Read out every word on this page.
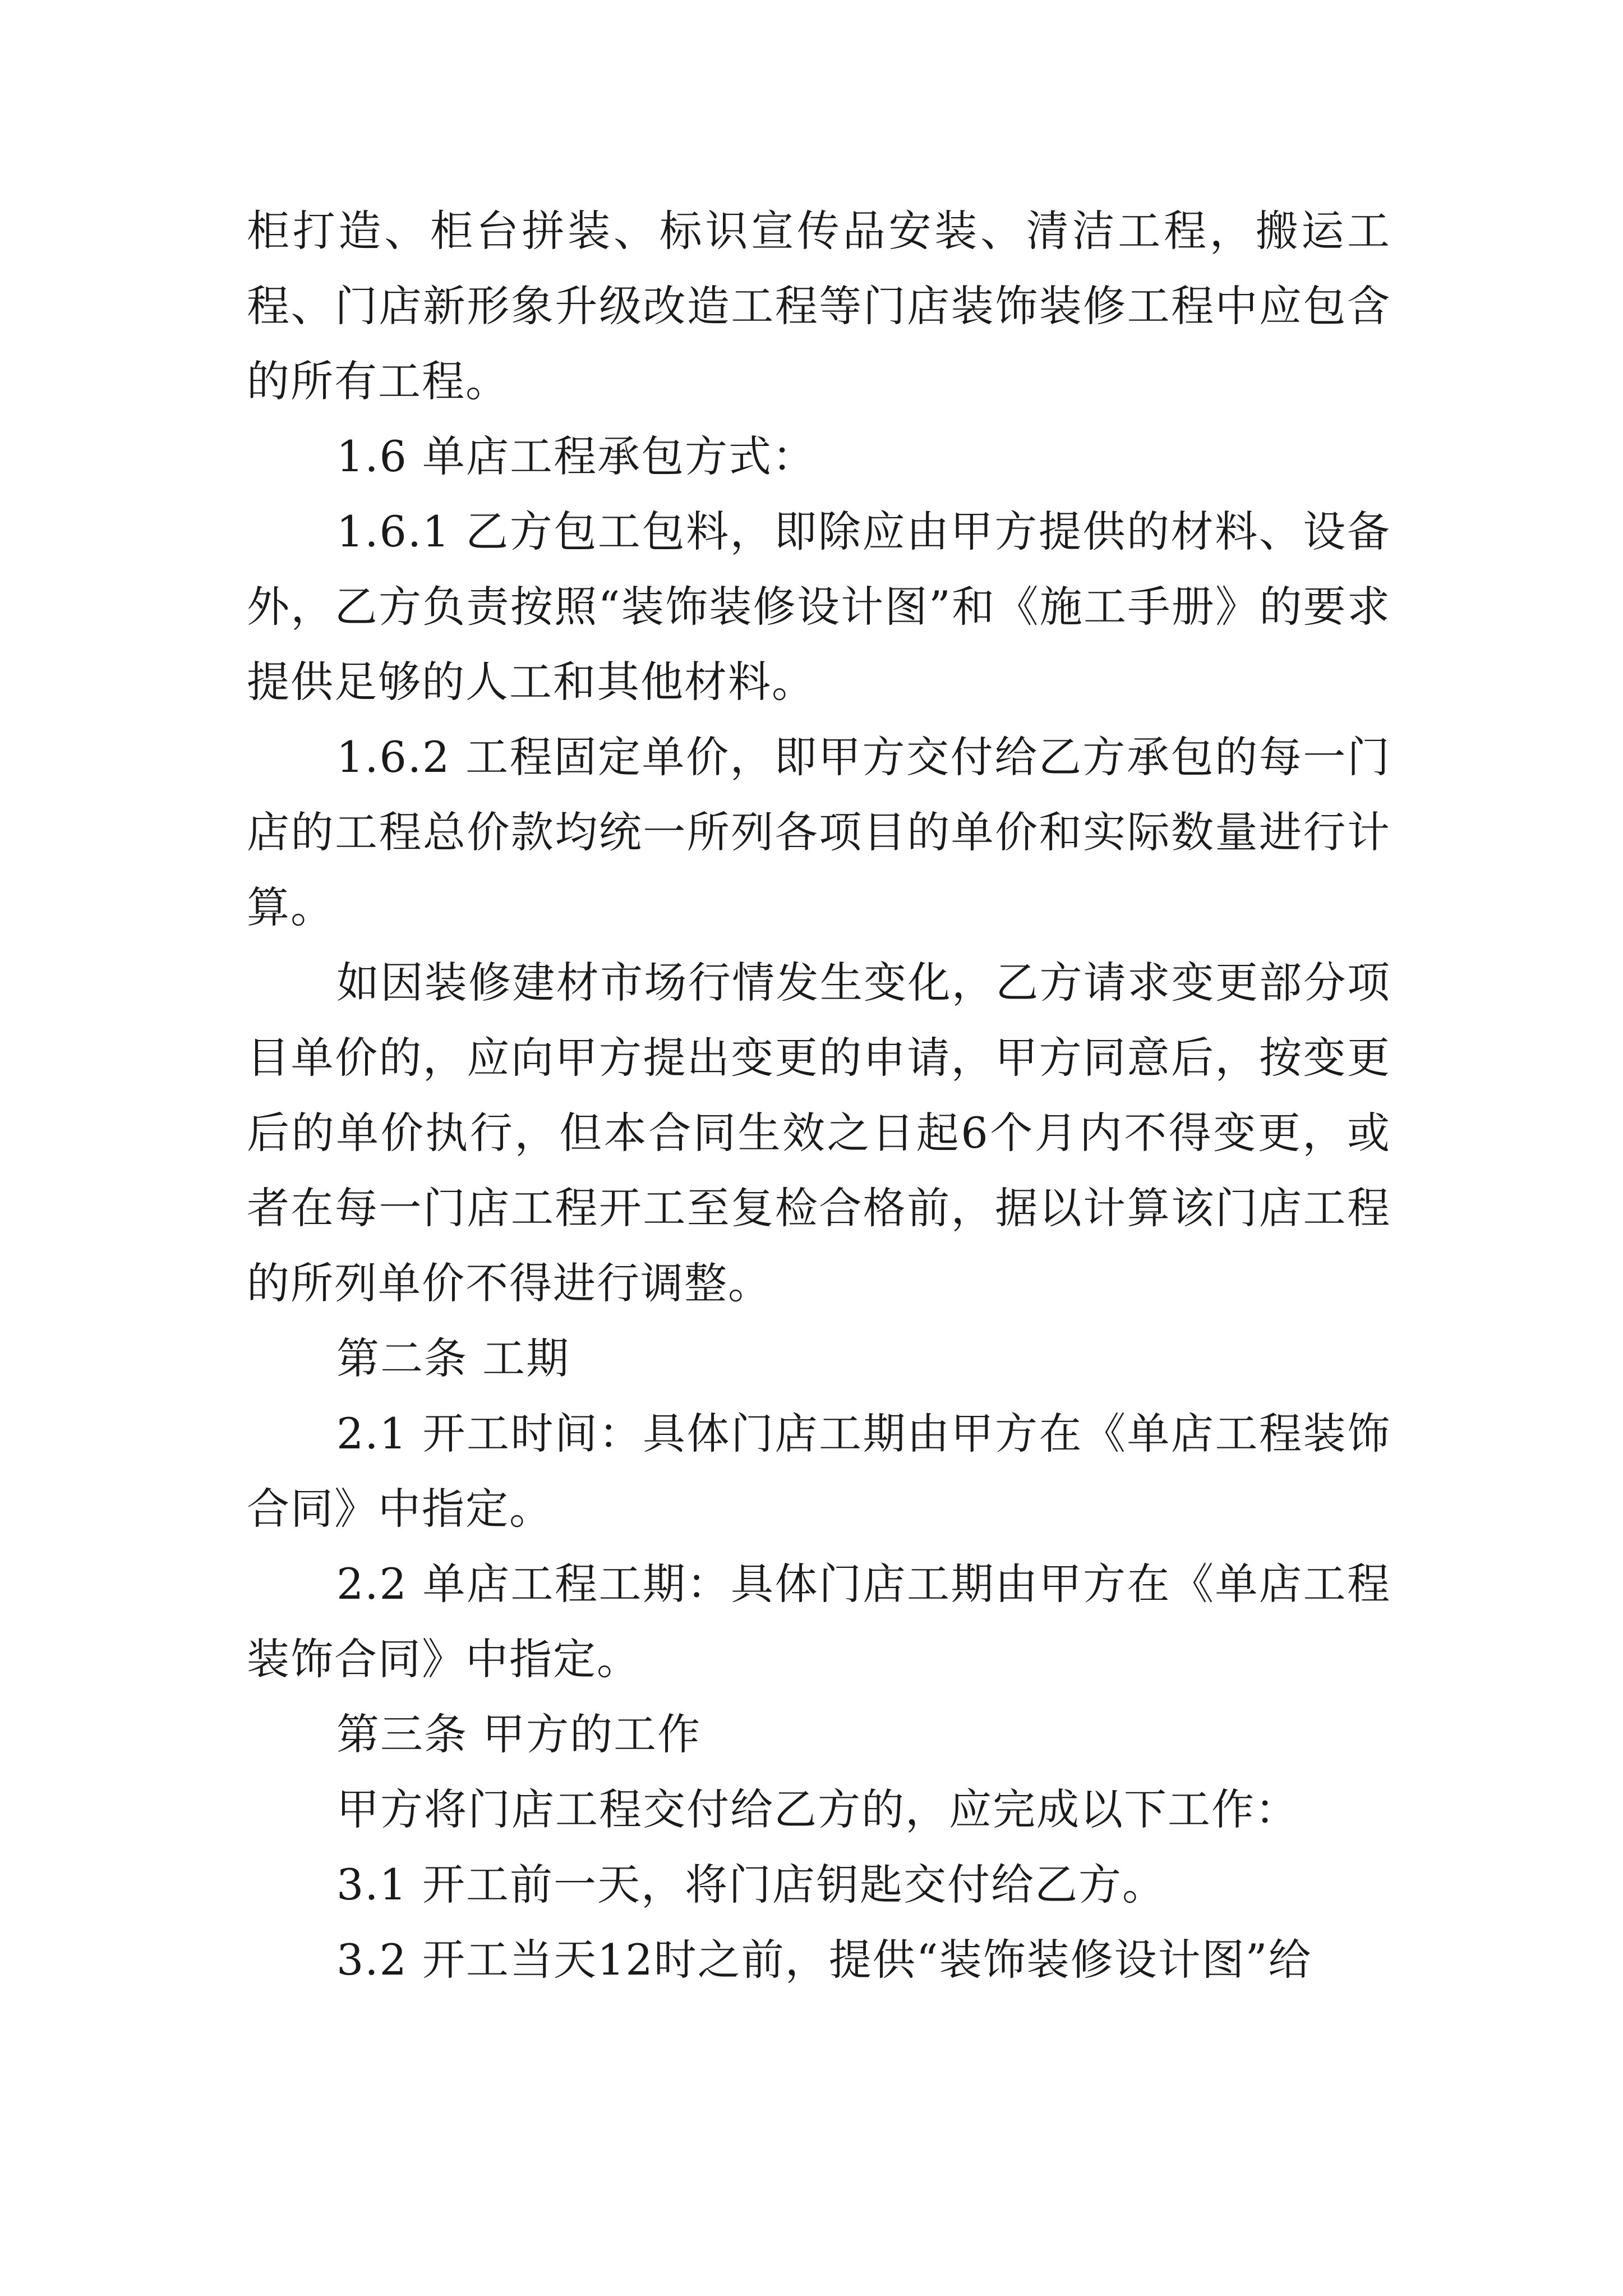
柜打造、柜台拼装、标识宣传品安装、清洁工程，搬运工程、门店新形象升级改造工程等门店装饰装修工程中应包含的所有工程。

1.6 单店工程承包方式：

1.6.1 乙方包工包料，即除应由甲方提供的材料、设备外，乙方负责按照“装饰装修设计图”和《施工手册》的要求提供足够的人工和其他材料。

1.6.2 工程固定单价，即甲方交付给乙方承包的每一门店的工程总价款均统一所列各项目的单价和实际数量进行计算。

如因装修建材市场行情发生变化，乙方请求变更部分项目单价的，应向甲方提出变更的申请，甲方同意后，按变更后的单价执行，但本合同生效之日起6个月内不得变更，或者在每一门店工程开工至复检合格前，据以计算该门店工程的所列单价不得进行调整。

第二条 工期

2.1 开工时间：具体门店工期由甲方在《单店工程装饰合同》中指定。

2.2 单店工程工期：具体门店工期由甲方在《单店工程装饰合同》中指定。

第三条 甲方的工作

甲方将门店工程交付给乙方的，应完成以下工作：

3.1 开工前一天，将门店钥匙交付给乙方。

3.2 开工当天12时之前，提供“装饰装修设计图”给
